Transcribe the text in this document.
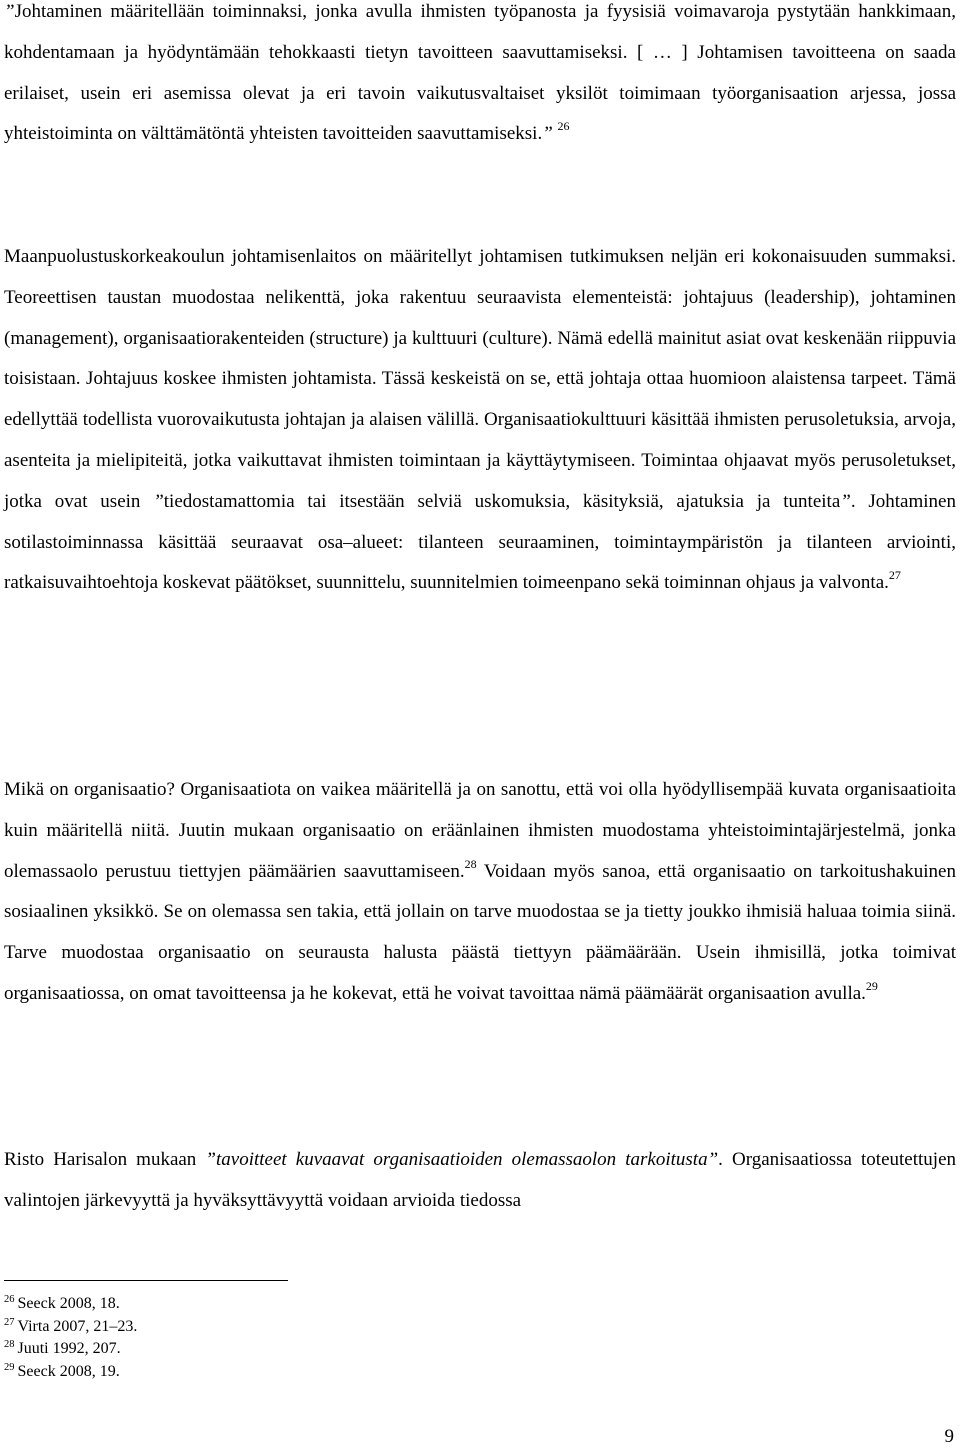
”Johtaminen määritellään toiminnaksi, jonka avulla ihmisten työpanosta ja fyysisiä voimavaroja pystytään hankkimaan, kohdentamaan ja hyödyntämään tehokkaasti tietyn tavoitteen saavuttamiseksi. [ … ] Johtamisen tavoitteena on saada erilaiset, usein eri asemissa olevat ja eri tavoin vaikutusvaltaiset yksilöt toimimaan työorganisaation arjessa, jossa yhteistoiminta on välttämätöntä yhteisten tavoitteiden saavuttamiseksi.” $^{26}$

Maanpuolustuskorkeakoulun johtamisenlaitos on määritellyt johtamisen tutkimuksen neljän eri kokonaisuuden summaksi. Teoreettisen taustan muodostaa nelikenttä, joka rakentuu seuraavista elementeistä: johtajuus (leadership), johtaminen (management), organisaatiorakenteiden (structure) ja kulttuuri (culture). Nämä edellä mainitut asiat ovat keskenään riippuvia toisistaan. Johtajuus koskee ihmisten johtamista. Tässä keskeistä on se, että johtaja ottaa huomioon alaistensa tarpeet. Tämä edellyttää todellista vuorovaikutusta johtajan ja alaisen välillä. Organisaatiokulttuuri käsittää ihmisten perusoletuksia, arvoja, asenteita ja mielipiteitä, jotka vaikuttavat ihmisten toimintaan ja käyttäytymiseen. Toimintaa ohjaavat myös perusoletukset, jotka ovat usein ”tiedostamattomia tai itsestään selviä uskomuksia, käsityksiä, ajatuksia ja tunteita”. Johtaminen sotilastoiminnassa käsittää seuraavat osa–alueet: tilanteen seuraaminen, toimintaympäristön ja tilanteen arviointi, ratkaisuvaihtoehtoja koskevat päätökset, suunnittelu, suunnitelmien toimeenpano sekä toiminnan ohjaus ja valvonta.$^{27}$

Mikä on organisaatio? Organisaatiota on vaikea määritellä ja on sanottu, että voi olla hyödyllisempää kuvata organisaatioita kuin määritellä niitä. Juutin mukaan organisaatio on eräänlainen ihmisten muodostama yhteistoimintajärjestelmä, jonka olemassaolo perustuu tiettyjen päämäärien saavuttamiseen.$^{28}$ Voidaan myös sanoa, että organisaatio on tarkoitushakuinen sosiaalinen yksikkö. Se on olemassa sen takia, että jollain on tarve muodostaa se ja tietty joukko ihmisiä haluaa toimia siinä. Tarve muodostaa organisaatio on seurausta halusta päästä tiettyyn päämäärään. Usein ihmisillä, jotka toimivat organisaatiossa, on omat tavoitteensa ja he kokevat, että he voivat tavoittaa nämä päämäärät organisaation avulla.$^{29}$

Risto Harisalon mukaan ”tavoitteet kuvaavat organisaatioiden olemassaolon tarkoitusta”. Organisaatiossa toteutettujen valintojen järkevyyttä ja hyväksyttävyyttä voidaan arvioida tiedossa

$^{26}$ Seeck 2008, 18.
$^{27}$ Virta 2007, 21–23.
$^{28}$ Juuti 1992, 207.
$^{29}$ Seeck 2008, 19.
9
